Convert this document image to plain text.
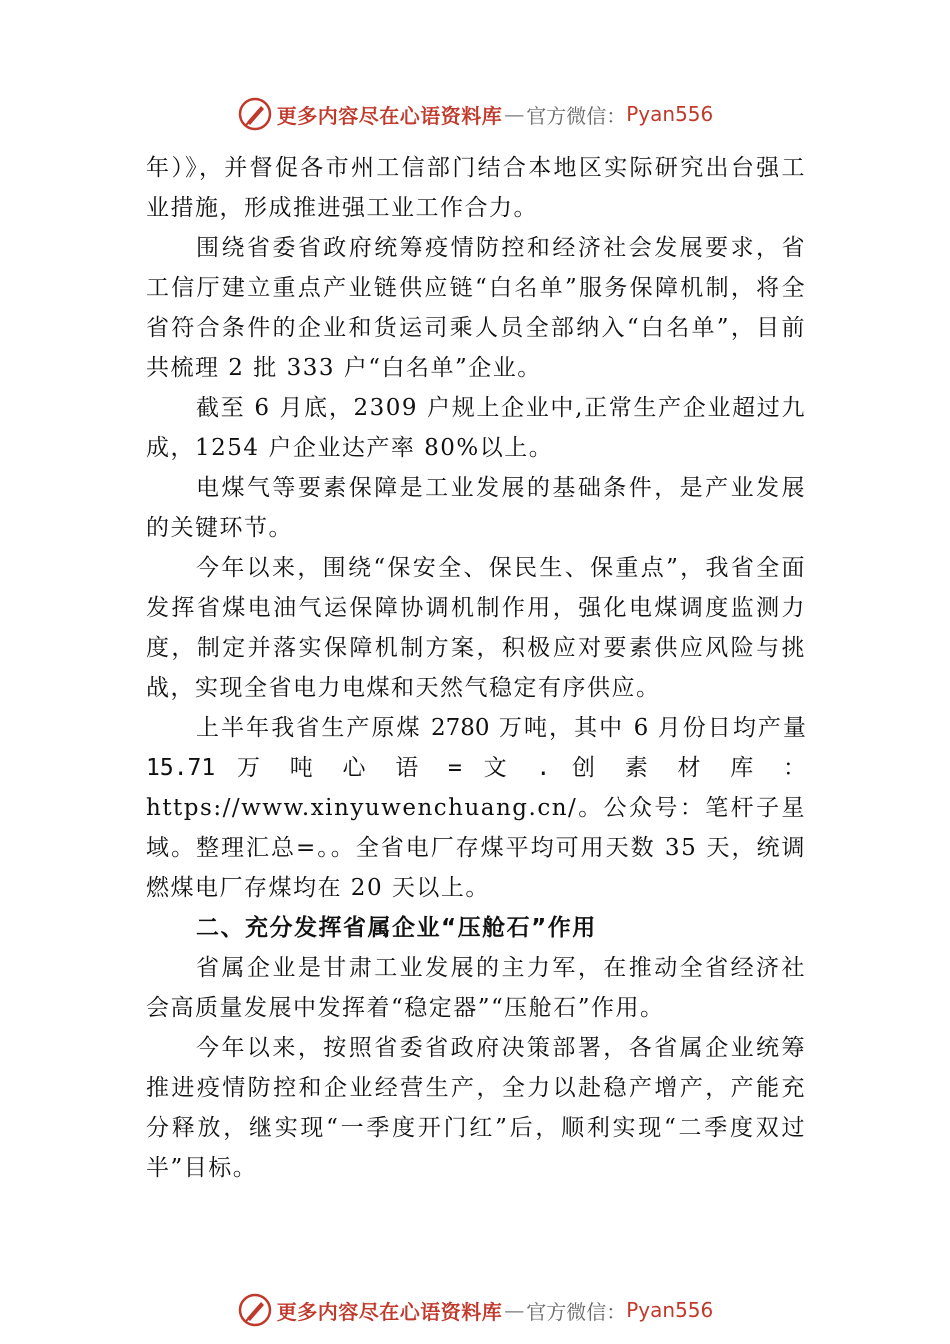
更多内容尽在心语资料库 — 官方微信： Pyan556

年）》，并督促各市州工信部门结合本地区实际研究出台强工业措施，形成推进强工业工作合力。

围绕省委省政府统筹疫情防控和经济社会发展要求，省工信厅建立重点产业链供应链“白名单”服务保障机制，将全省符合条件的企业和货运司乘人员全部纳入“白名单”，目前共梳理 2 批 333 户“白名单”企业。

截至 6 月底，2309 户规上企业中,正常生产企业超过九成，1254 户企业达产率 80%以上。

电煤气等要素保障是工业发展的基础条件，是产业发展的关键环节。

今年以来，围绕“保安全、保民生、保重点”，我省全面发挥省煤电油气运保障协调机制作用，强化电煤调度监测力度，制定并落实保障机制方案，积极应对要素供应风险与挑战，实现全省电力电煤和天然气稳定有序供应。

上半年我省生产原煤 2780 万吨，其中 6 月份日均产量

15.71 万 吨 心 语 = 文 . 创 素 材 库 ：

https://www.xinyuwenchuang.cn/。公众号：笔杆子星域。整理汇总=。。全省电厂存煤平均可用天数 35 天，统调燃煤电厂存煤均在 20 天以上。

二、充分发挥省属企业“压舱石”作用

省属企业是甘肃工业发展的主力军，在推动全省经济社会高质量发展中发挥着“稳定器”“压舱石”作用。

今年以来，按照省委省政府决策部署，各省属企业统筹推进疫情防控和企业经营生产，全力以赴稳产增产，产能充分释放，继实现“一季度开门红”后，顺利实现“二季度双过半”目标。

更多内容尽在心语资料库 — 官方微信： Pyan556
